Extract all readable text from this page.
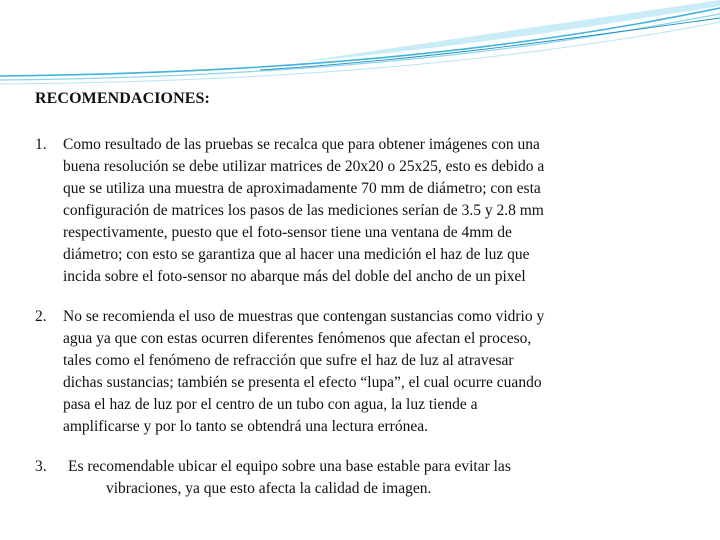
RECOMENDACIONES:
1. Como resultado de las pruebas se recalca que para obtener imágenes con una
buena resolución se debe utilizar matrices de 20x20 o 25x25, esto es debido a
que se utiliza una muestra de aproximadamente 70 mm de diámetro; con esta
configuración de matrices los pasos de las mediciones serían de 3.5 y 2.8 mm
respectivamente, puesto que el foto-sensor tiene una ventana de 4mm de
diámetro; con esto se garantiza que al hacer una medición el haz de luz que
incida sobre el foto-sensor no abarque más del doble del ancho de un pixel
2. No se recomienda el uso de muestras que contengan sustancias como vidrio y
agua ya que con estas ocurren diferentes fenómenos que afectan el proceso,
tales como el fenómeno de refracción que sufre el haz de luz al atravesar
dichas sustancias; también se presenta el efecto “lupa”, el cual ocurre cuando
pasa el haz de luz por el centro de un tubo con agua, la luz tiende a
amplificarse y por lo tanto se obtendrá una lectura errónea.
3. Es recomendable ubicar el equipo sobre una base estable para evitar las
vibraciones, ya que esto afecta la calidad de imagen.
